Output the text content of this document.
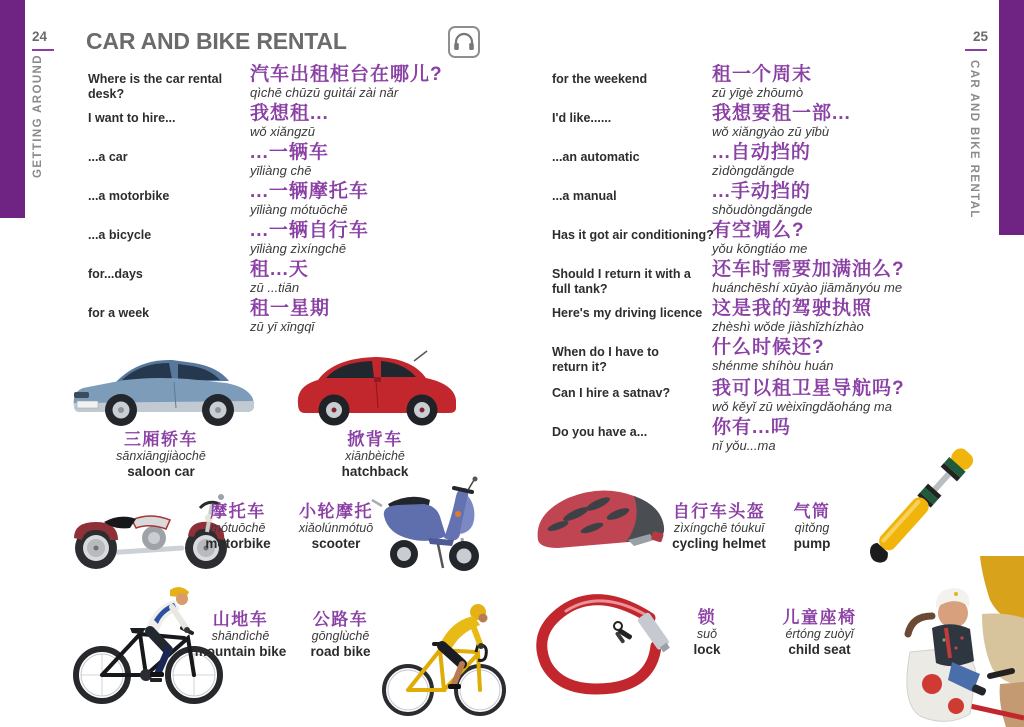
24	25
GETTING AROUND	CAR AND BIKE RENTAL
CAR AND BIKE RENTAL
Where is the car rental desk?
汽车出租柜台在哪儿?
qìchē chūzū guìtái zài nǎr
I want to hire...	我想租...
wǒ xiǎngzū
...a car	...一辆车
yīliàng chē
...a motorbike	...一辆摩托车
yīliàng mótuōchē
...a bicycle	...一辆自行车
yīliàng zìxíngchē
for...days	租...天
zū ...tiān
for a week	租一星期
zū yī xīngqī
for the weekend	租一个周末
zū yīgè zhōumò
I'd like......	我想要租一部...
wǒ xiǎngyào zū yībù
...an automatic	...自动挡的
zìdòngdǎngde
...a manual	...手动挡的
shǒudòngdǎngde
Has it got air conditioning?
有空调么?
yǒu kōngtiáo me
Should I return it with a full tank?
还车时需要加满油么?
huánchēshí xūyào jiāmǎnyóu me
Here's my driving licence 这是我的驾驶执照
zhèshì wǒde jiàshǐzhízhào
When do I have to return it?
什么时候还?
shénme shíhòu huán
Can I hire a satnav?	我可以租卫星导航吗?
wǒ kěyǐ zū wèixīngdǎoháng ma
Do you have a...	你有...吗
nǐ yǒu...ma
三厢轿车
sānxiāngjiàochē
saloon car
掀背车
xiānbèichē
hatchback
摩托车
mótuōchē
motorbike
小轮摩托
xiǎolúnmótuō
scooter
自行车头盔
zìxíngchē tóukuī
cycling helmet
气筒
qìtǒng
pump
山地车
shāndìchē
mountain bike
公路车
gōnglùchē
road bike
锁
suǒ
lock
儿童座椅
értóng zuòyǐ
child seat
